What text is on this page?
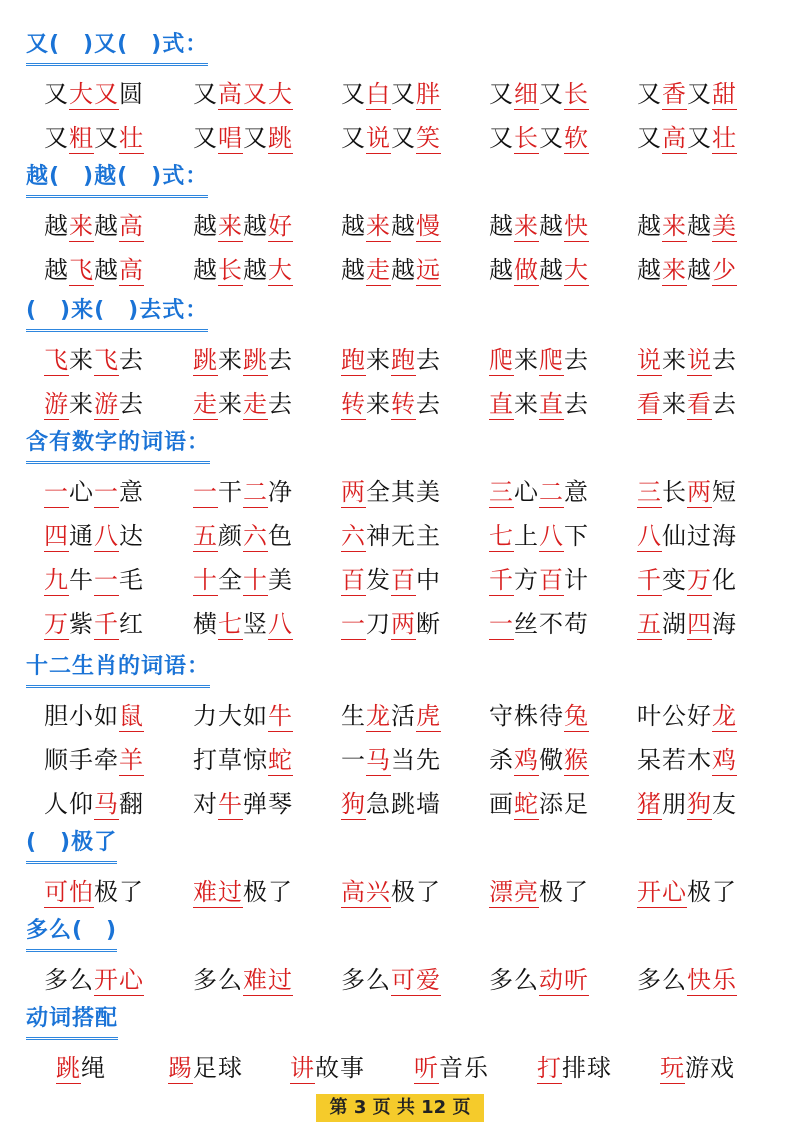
又(　)又(　)式：
又大又圆 又高又大 又白又胖 又细又长 又香又甜
又粗又壮 又唱又跳 又说又笑 又长又软 又高又壮
越(　)越(　)式：
越来越高 越来越好 越来越慢 越来越快 越来越美
越飞越高 越长越大 越走越远 越做越大 越来越少
(　)来(　)去式：
飞来飞去 跳来跳去 跑来跑去 爬来爬去 说来说去
游来游去 走来走去 转来转去 直来直去 看来看去
含有数字的词语：
一心一意 一干二净 两全其美 三心二意 三长两短
四通八达 五颜六色 六神无主 七上八下 八仙过海
九牛一毛 十全十美 百发百中 千方百计 千变万化
万紫千红 横七竖八 一刀两断 一丝不苟 五湖四海
十二生肖的词语：
胆小如鼠 力大如牛 生龙活虎 守株待兔 叶公好龙
顺手牵羊 打草惊蛇 一马当先 杀鸡儆猴 呆若木鸡
人仰马翻 对牛弹琴 狗急跳墙 画蛇添足 猪朋狗友
(　)极了
可怕极了 难过极了 高兴极了 漂亮极了 开心极了
多么(　)
多么开心 多么难过 多么可爱 多么动听 多么快乐
动词搭配
跳绳	踢足球 讲故事 听音乐 打排球 玩游戏
第 3 页 共 12 页
